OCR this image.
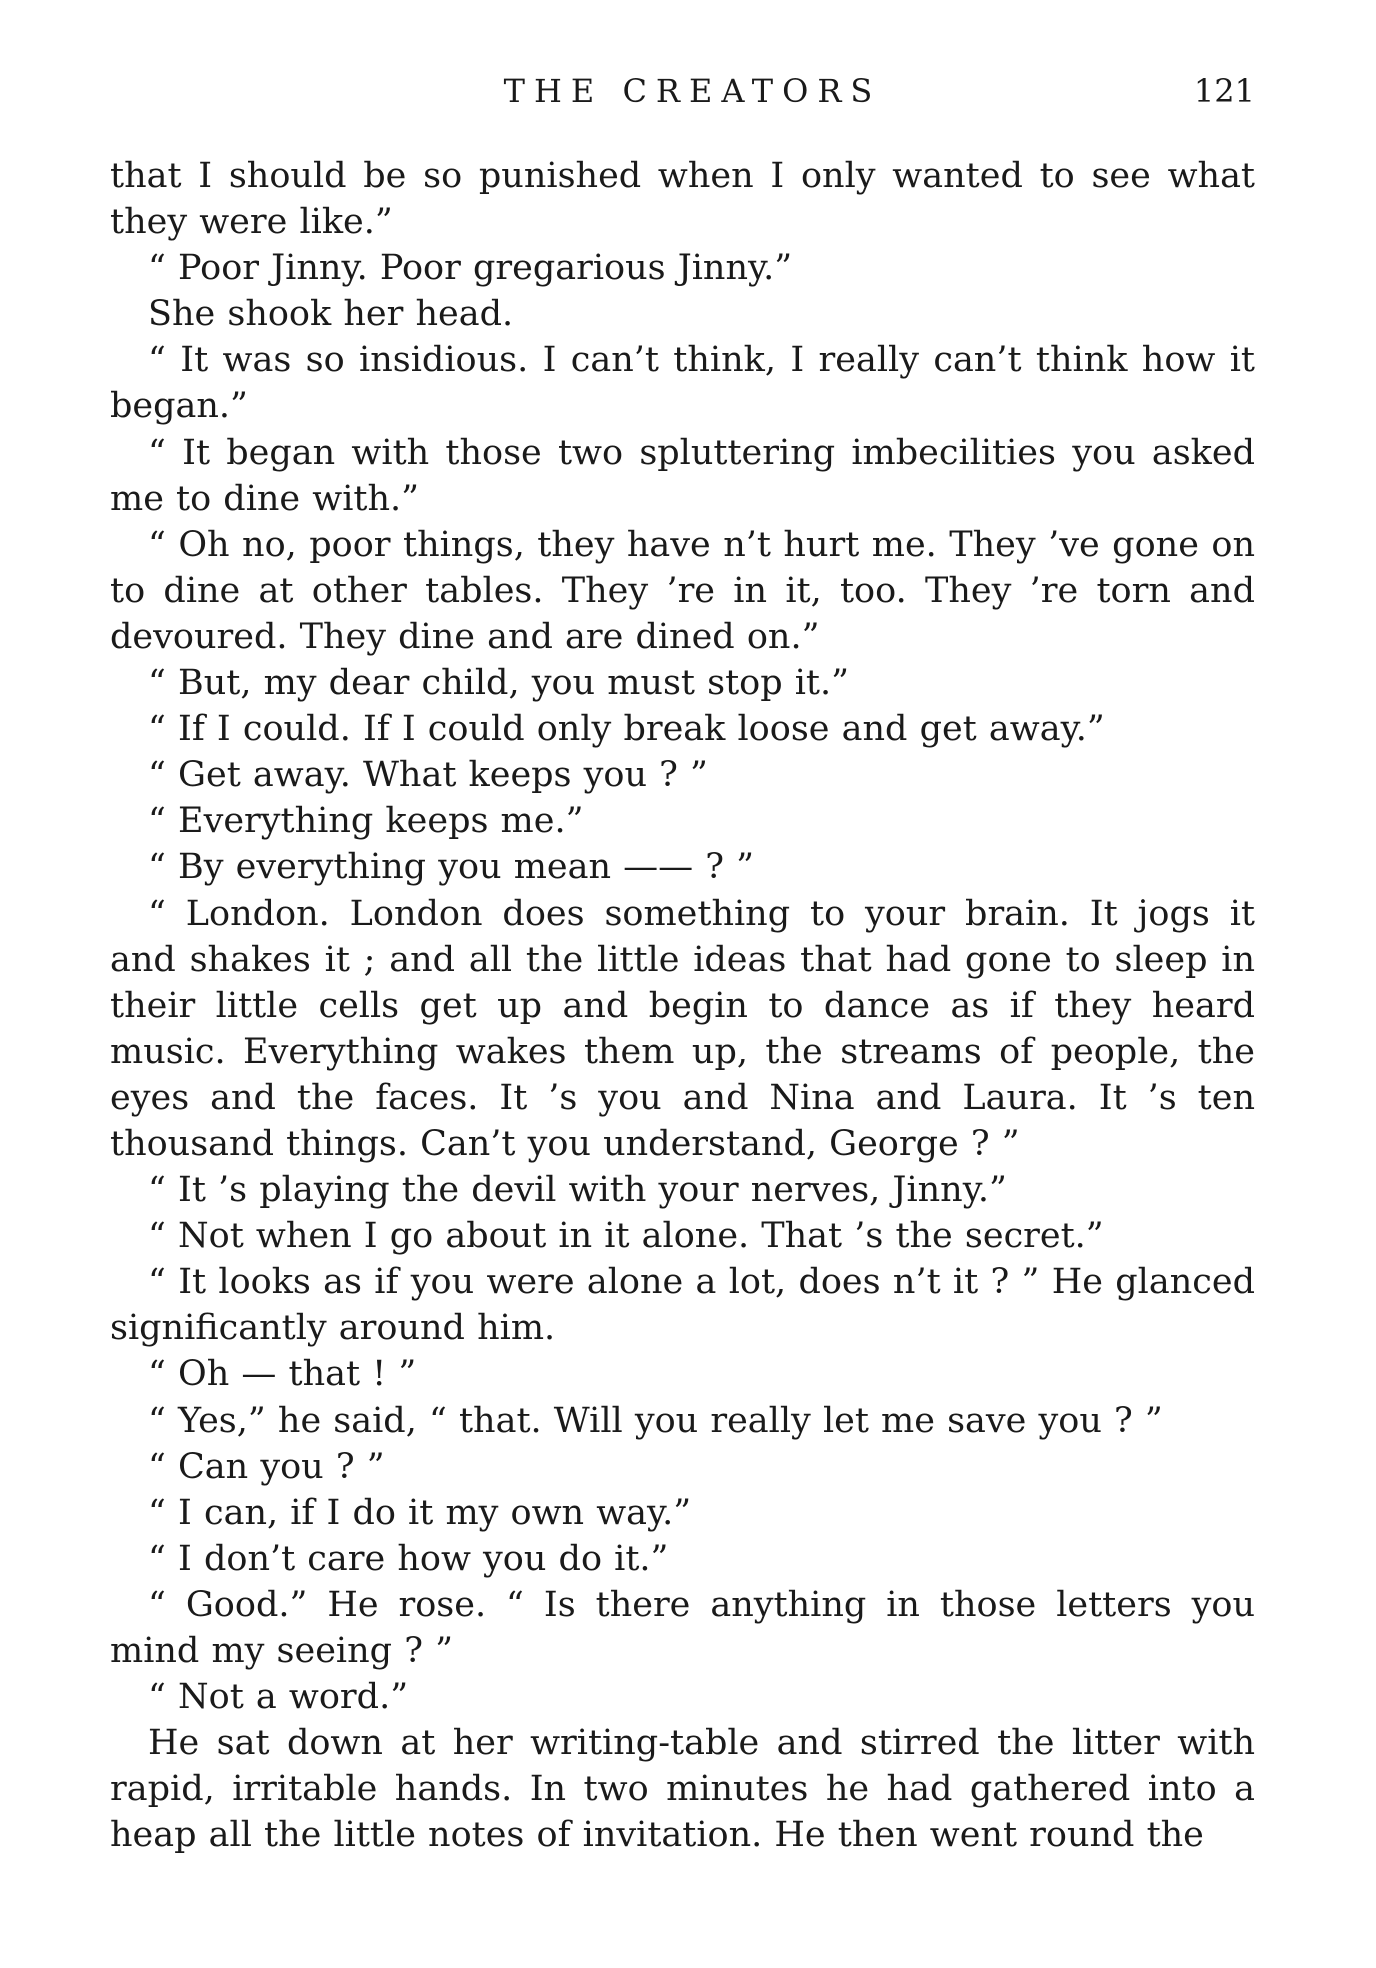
THE CREATORS	121

that I should be so punished when I only wanted to see what they were like.”

“ Poor Jinny. Poor gregarious Jinny.”

She shook her head.

“ It was so insidious. I can’t think, I really can’t think how it began.”

“ It began with those two spluttering imbecilities you asked me to dine with.”

“ Oh no, poor things, they have n’t hurt me. They ’ve gone on to dine at other tables. They ’re in it, too. They ’re torn and devoured. They dine and are dined on.”

“ But, my dear child, you must stop it.”

“ If I could. If I could only break loose and get away.”

“ Get away. What keeps you ? ”

“ Everything keeps me.”

“ By everything you mean —— ? ”

“ London. London does something to your brain. It jogs it and shakes it ; and all the little ideas that had gone to sleep in their little cells get up and begin to dance as if they heard music. Everything wakes them up, the streams of people, the eyes and the faces. It ’s you and Nina and Laura. It ’s ten thousand things. Can’t you understand, George ? ”

“ It ’s playing the devil with your nerves, Jinny.”

“ Not when I go about in it alone. That ’s the secret.”

“ It looks as if you were alone a lot, does n’t it ? ” He glanced significantly around him.

“ Oh — that ! ”

“ Yes,” he said, “ that. Will you really let me save you ? ”

“ Can you ? ”

“ I can, if I do it my own way.”

“ I don’t care how you do it.”

“ Good.” He rose. “ Is there anything in those letters you mind my seeing ? ”

“ Not a word.”

He sat down at her writing-table and stirred the litter with rapid, irritable hands. In two minutes he had gathered into a heap all the little notes of invitation. He then went round the
